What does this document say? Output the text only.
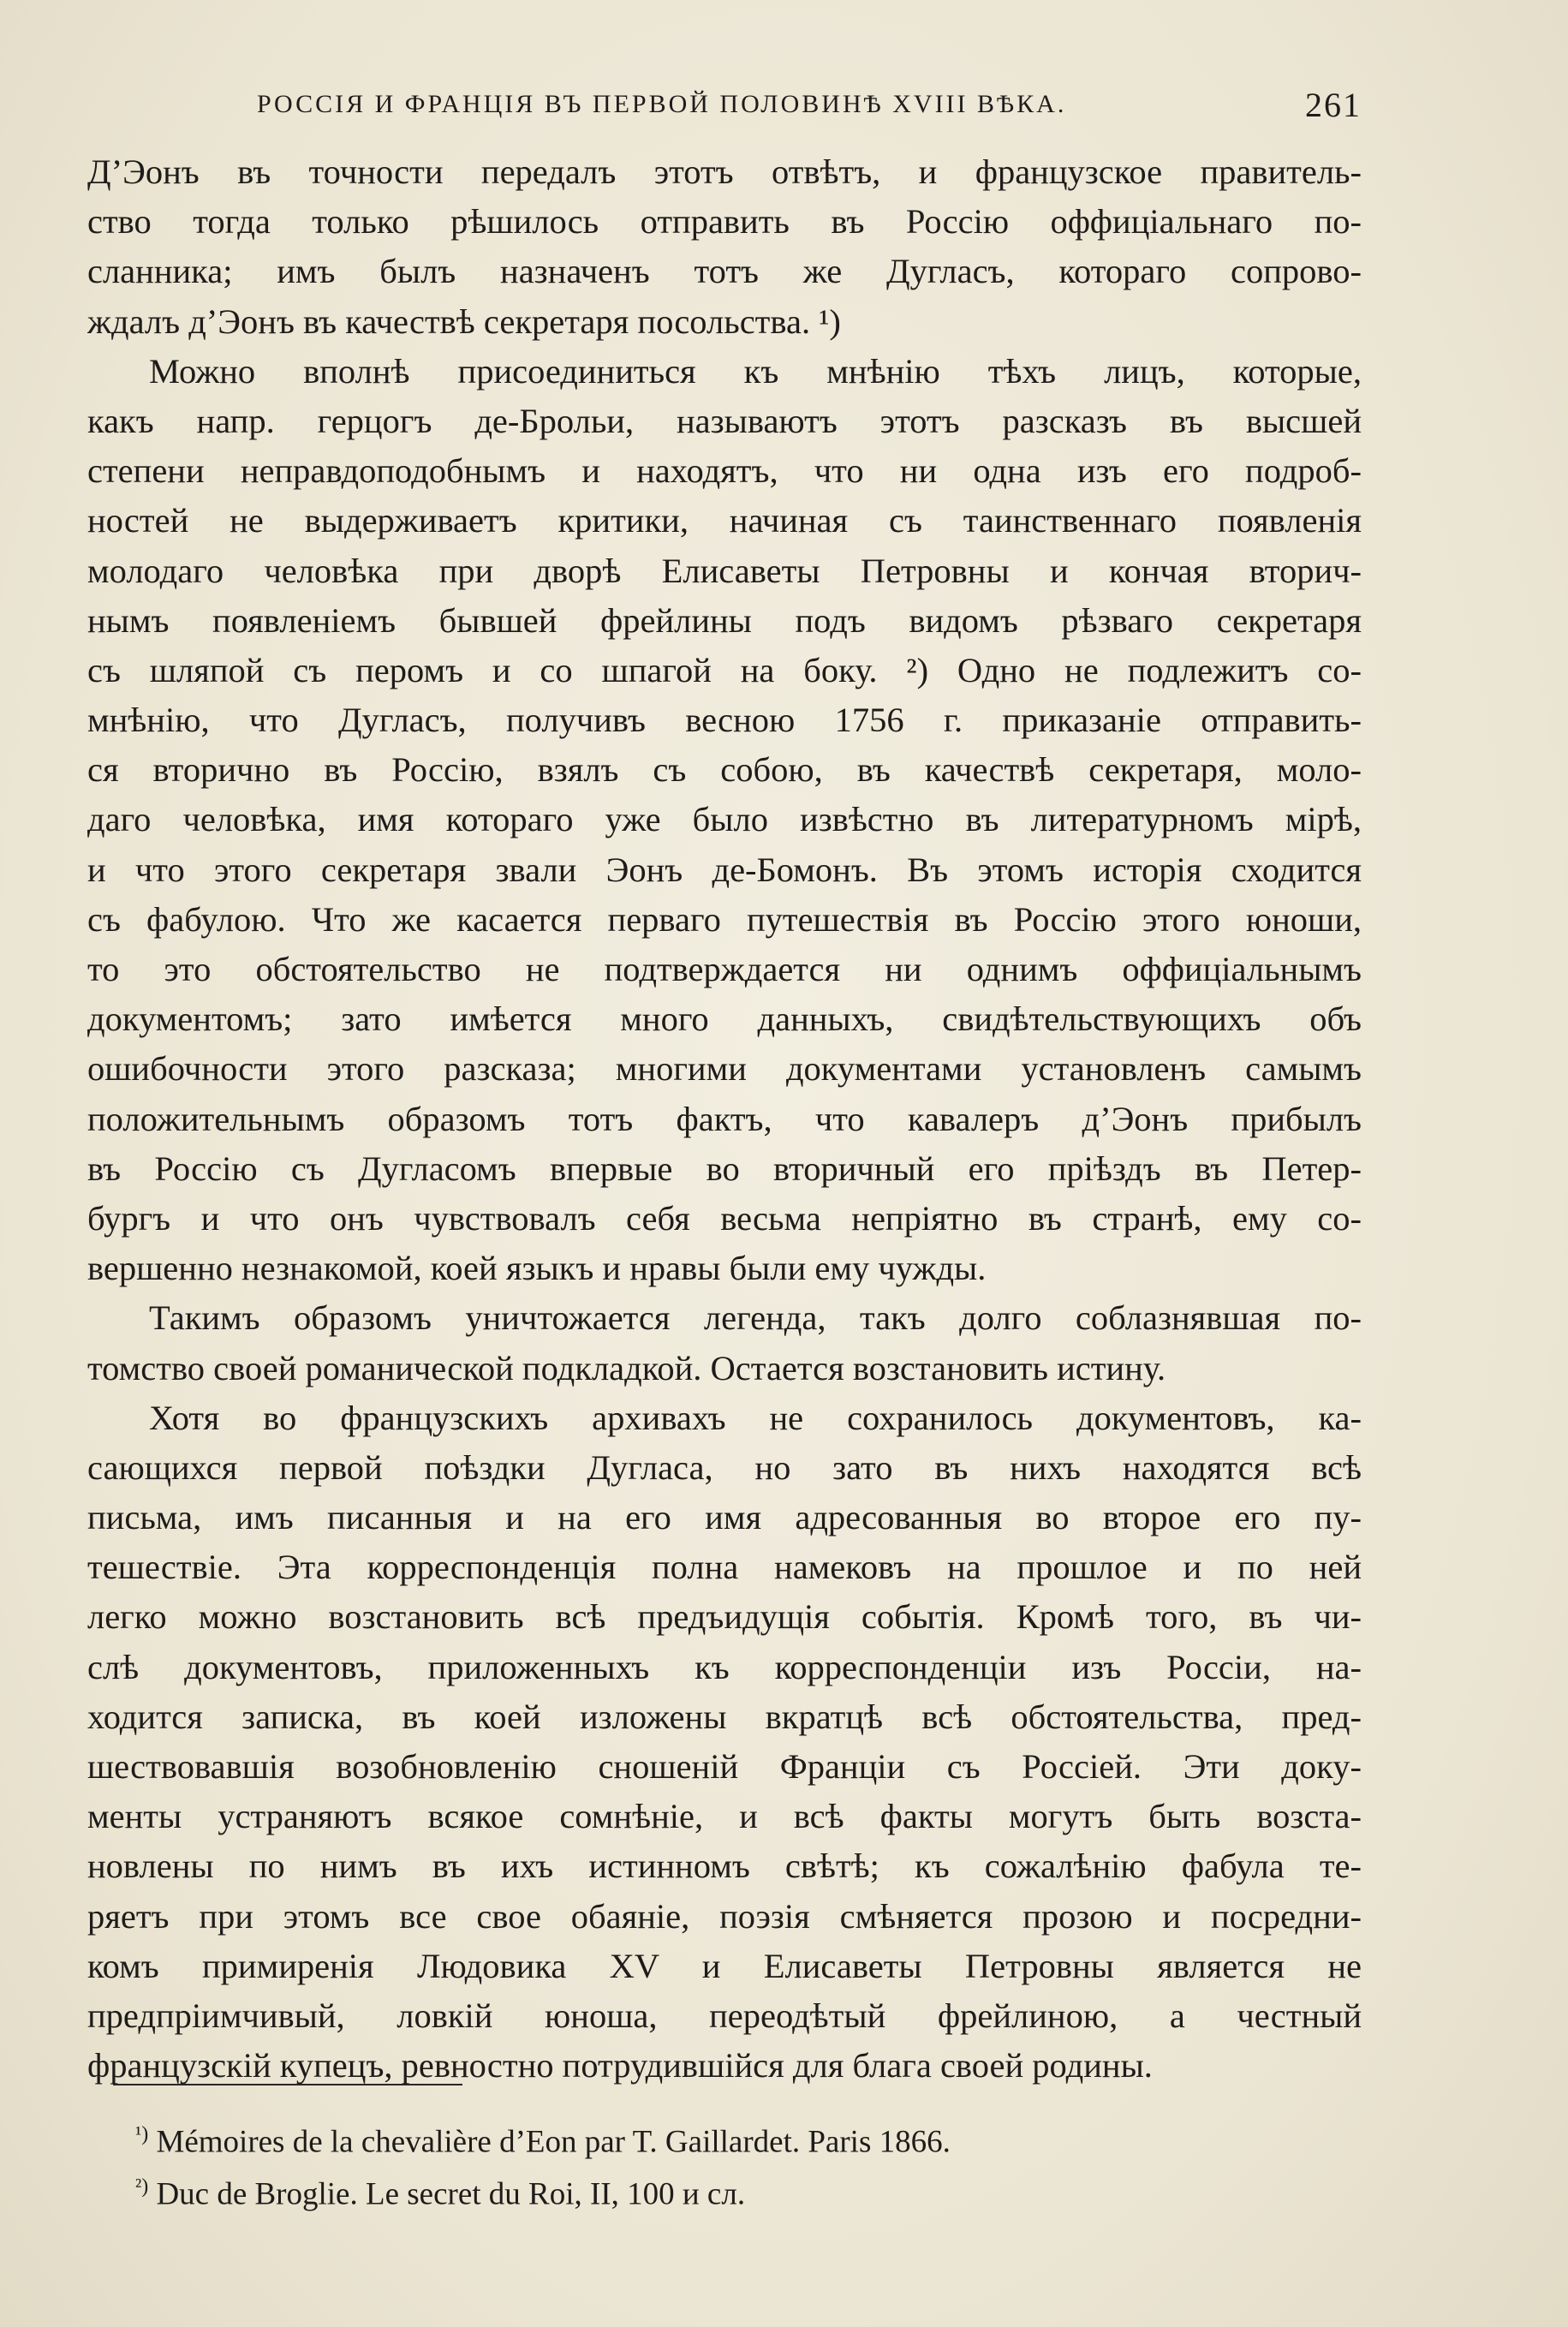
РОССІЯ И ФРАНЦІЯ ВЪ ПЕРВОЙ ПОЛОВИНѢ XVIII ВѢКА.	261
Д’Эонъ въ точности передалъ этотъ отвѣтъ, и французское правитель-
ство тогда только рѣшилось отправить въ Россію оффиціальнаго по-
сланника; имъ былъ назначенъ тотъ же Дугласъ, котораго сопрово-
ждалъ д’Эонъ въ качествѣ секретаря посольства. ¹)
Можно вполнѣ присоединиться къ мнѣнію тѣхъ лицъ, которые,
какъ напр. герцогъ де-Брольи, называютъ этотъ разсказъ въ высшей
степени неправдоподобнымъ и находятъ, что ни одна изъ его подроб-
ностей не выдерживаетъ критики, начиная съ таинственнаго появленія
молодаго человѣка при дворѣ Елисаветы Петровны и кончая вторич-
нымъ появленіемъ бывшей фрейлины подъ видомъ рѣзваго секретаря
съ шляпой съ перомъ и со шпагой на боку. ²) Одно не подлежитъ со-
мнѣнію, что Дугласъ, получивъ весною 1756 г. приказаніе отправить-
ся вторично въ Россію, взялъ съ собою, въ качествѣ секретаря, моло-
даго человѣка, имя котораго уже было извѣстно въ литературномъ мірѣ,
и что этого секретаря звали Эонъ де-Бомонъ. Въ этомъ исторія сходится
съ фабулою. Что же касается перваго путешествія въ Россію этого юноши,
то это обстоятельство не подтверждается ни однимъ оффиціальнымъ
документомъ; зато имѣется много данныхъ, свидѣтельствующихъ объ
ошибочности этого разсказа; многими документами установленъ самымъ
положительнымъ образомъ тотъ фактъ, что кавалеръ д’Эонъ прибылъ
въ Россію съ Дугласомъ впервые во вторичный его пріѣздъ въ Петер-
бургъ и что онъ чувствовалъ себя весьма непріятно въ странѣ, ему со-
вершенно незнакомой, коей языкъ и нравы были ему чужды.
Такимъ образомъ уничтожается легенда, такъ долго соблазнявшая по-
томство своей романической подкладкой. Остается возстановить истину.
Хотя во французскихъ архивахъ не сохранилось документовъ, ка-
сающихся первой поѣздки Дугласа, но зато въ нихъ находятся всѣ
письма, имъ писанныя и на его имя адресованныя во второе его пу-
тешествіе. Эта корреспонденція полна намековъ на прошлое и по ней
легко можно возстановить всѣ предъидущія событія. Кромѣ того, въ чи-
слѣ документовъ, приложенныхъ къ корреспонденціи изъ Россіи, на-
ходится записка, въ коей изложены вкратцѣ всѣ обстоятельства, пред-
шествовавшія возобновленію сношеній Франціи съ Россіей. Эти доку-
менты устраняютъ всякое сомнѣніе, и всѣ факты могутъ быть возста-
новлены по нимъ въ ихъ истинномъ свѣтѣ; къ сожалѣнію фабула те-
ряетъ при этомъ все свое обаяніе, поэзія смѣняется прозою и посредни-
комъ примиренія Людовика XV и Елисаветы Петровны является не
предпріимчивый, ловкій юноша, переодѣтый фрейлиною, а честный
французскій купецъ, ревностно потрудившійся для блага своей родины.
$^{^1)}$ Mémoires de la chevalière d’Eon par T. Gaillardet. Paris 1866.
$^{^2)}$ Duc de Broglie. Le secret du Roi, II, 100 и сл.
